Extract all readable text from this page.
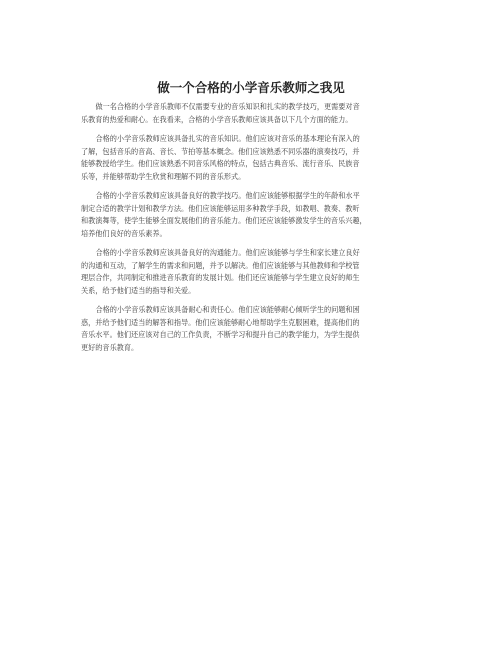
做一个合格的小学音乐教师之我见

做一名合格的小学音乐教师不仅需要专业的音乐知识和扎实的教学技巧，更需要对音
乐教育的热爱和耐心。在我看来，合格的小学音乐教师应该具备以下几个方面的能力。

合格的小学音乐教师应该具备扎实的音乐知识。他们应该对音乐的基本理论有深入的
了解，包括音乐的音高、音长、节拍等基本概念。他们应该熟悉不同乐器的演奏技巧，并
能够教授给学生。他们应该熟悉不同音乐风格的特点，包括古典音乐、流行音乐、民族音
乐等，并能够帮助学生欣赏和理解不同的音乐形式。

合格的小学音乐教师应该具备良好的教学技巧。他们应该能够根据学生的年龄和水平
制定合适的教学计划和教学方法。他们应该能够运用多种教学手段，如教唱、教奏、教听
和教演舞等，使学生能够全面发展他们的音乐能力。他们还应该能够激发学生的音乐兴趣，
培养他们良好的音乐素养。

合格的小学音乐教师应该具备良好的沟通能力。他们应该能够与学生和家长建立良好
的沟通和互动，了解学生的需求和问题，并予以解决。他们应该能够与其他教师和学校管
理层合作，共同制定和推进音乐教育的发展计划。他们还应该能够与学生建立良好的师生
关系，给予他们适当的指导和关爱。

合格的小学音乐教师应该具备耐心和责任心。他们应该能够耐心倾听学生的问题和困
惑，并给予他们适当的解答和指导。他们应该能够耐心地帮助学生克服困难，提高他们的
音乐水平。他们还应该对自己的工作负责，不断学习和提升自己的教学能力，为学生提供
更好的音乐教育。
